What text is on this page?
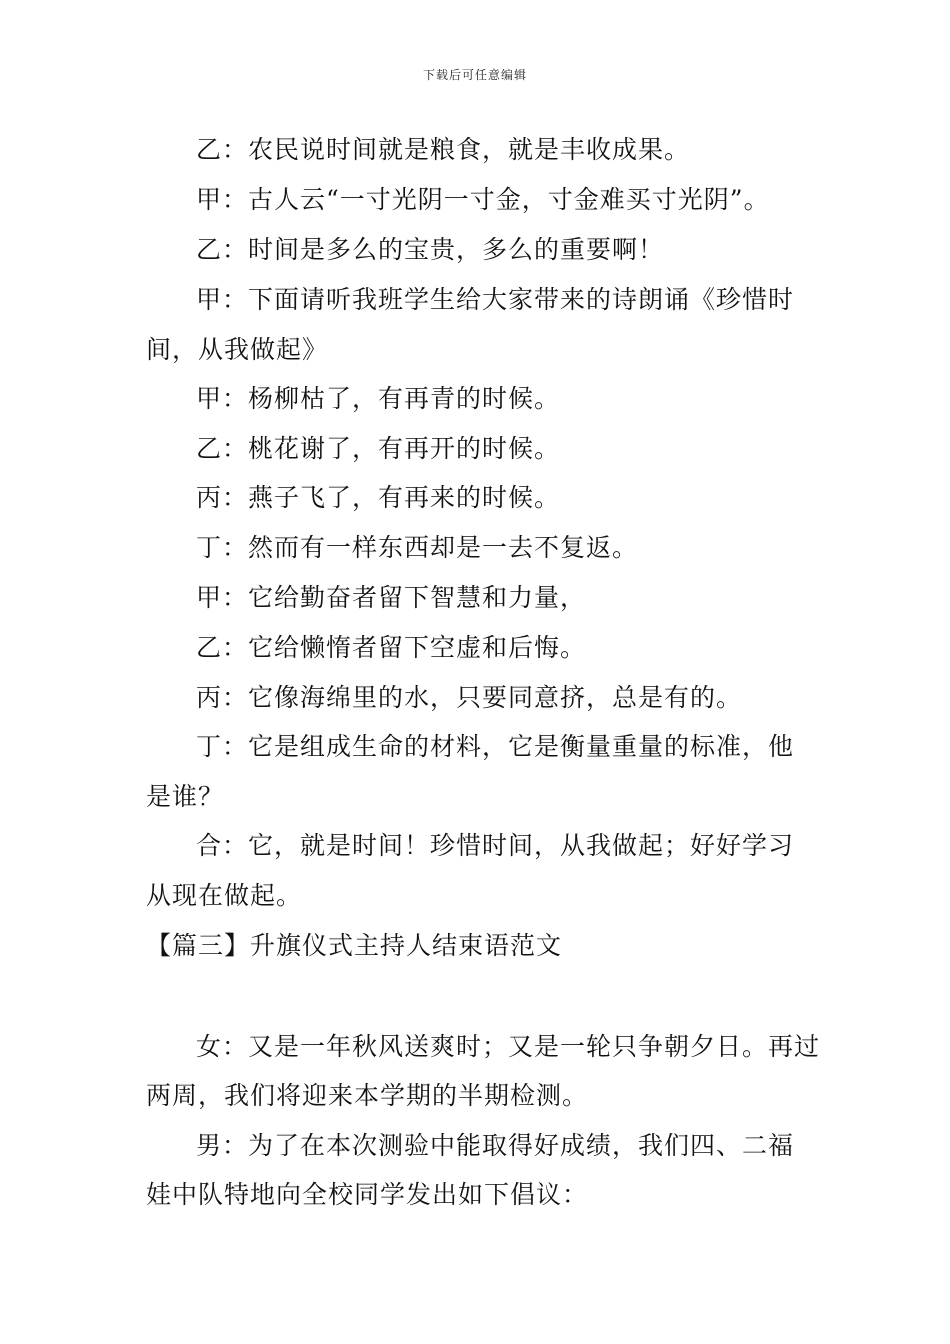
下载后可任意编辑
乙：农民说时间就是粮食，就是丰收成果。
甲：古人云“一寸光阴一寸金，寸金难买寸光阴”。
乙：时间是多么的宝贵，多么的重要啊！
甲：下面请听我班学生给大家带来的诗朗诵《珍惜时
间，从我做起》
甲：杨柳枯了，有再青的时候。
乙：桃花谢了，有再开的时候。
丙：燕子飞了，有再来的时候。
丁：然而有一样东西却是一去不复返。
甲：它给勤奋者留下智慧和力量，
乙：它给懒惰者留下空虚和后悔。
丙：它像海绵里的水，只要同意挤，总是有的。
丁：它是组成生命的材料，它是衡量重量的标准，他
是谁？
合：它，就是时间！珍惜时间，从我做起；好好学习
从现在做起。
【篇三】升旗仪式主持人结束语范文
女：又是一年秋风送爽时；又是一轮只争朝夕日。再过
两周，我们将迎来本学期的半期检测。
男：为了在本次测验中能取得好成绩，我们四、二福
娃中队特地向全校同学发出如下倡议：
